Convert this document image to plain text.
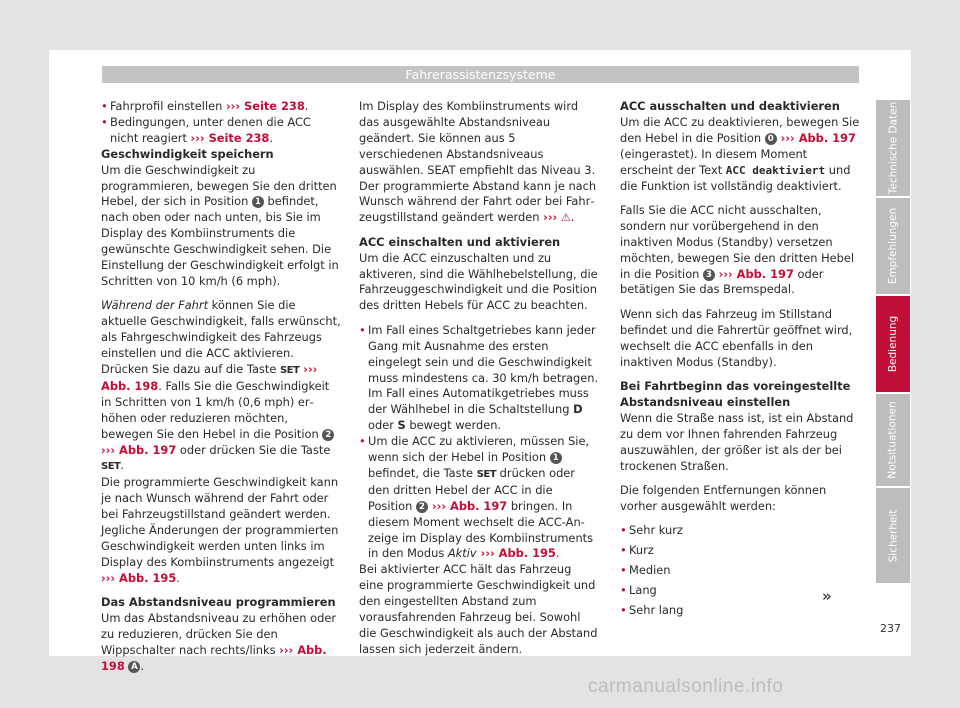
Fahrerassistenzsysteme

• Fahrprofil einstellen ››› Seite 238.

• Bedingungen, unter denen die ACC nicht reagiert ››› Seite 238.

Geschwindigkeit speichern

Um die Geschwindigkeit zu programmieren, bewegen Sie den dritten Hebel, der sich in Position 1 befindet, nach oben oder nach unten, bis Sie im Display des Kombiinstruments die gewünschte Geschwindigkeit sehen. Die Einstellung der Geschwindigkeit erfolgt in Schritten von 10 km/h (6 mph).

Während der Fahrt können Sie die aktuelle Geschwindigkeit, falls erwünscht, als Fahrgeschwindigkeit des Fahrzeugs einstellen und die ACC aktivieren. Drücken Sie dazu auf die Taste SET ››› Abb. 198. Falls Sie die Geschwindigkeit in Schritten von 1 km/h (0,6 mph) erhöhen oder reduzieren möchten, bewegen Sie den Hebel in die Position 2 ››› Abb. 197 oder drücken Sie die Taste SET.

Die programmierte Geschwindigkeit kann je nach Wunsch während der Fahrt oder bei Fahrzeugstillstand geändert werden. Jegliche Änderungen der programmierten Geschwindigkeit werden unten links im Display des Kombiinstruments angezeigt ››› Abb. 195.

Das Abstandsniveau programmieren

Um das Abstandsniveau zu erhöhen oder zu reduzieren, drücken Sie den Wippschalter nach rechts/links ››› Abb. 198 A .

Im Display des Kombiinstruments wird das ausgewählte Abstandsniveau geändert. Sie können aus 5 verschiedenen Abstandsniveaus auswählen. SEAT empfiehlt das Niveau 3. Der programmierte Abstand kann je nach Wunsch während der Fahrt oder bei Fahrzeugstillstand geändert werden ››› ⚠.

ACC einschalten und aktivieren

Um die ACC einzuschalten und zu aktiveren, sind die Wählhebelstellung, die Fahrzeuggeschwindigkeit und die Position des dritten Hebels für ACC zu beachten.

• Im Fall eines Schaltgetriebes kann jeder Gang mit Ausnahme des ersten eingelegt sein und die Geschwindigkeit muss mindestens ca. 30 km/h betragen. Im Fall eines Automatikgetriebes muss der Wählhebel in die Schaltstellung D oder S bewegt werden.

• Um die ACC zu aktivieren, müssen Sie, wenn sich der Hebel in Position 1 befindet, die Taste SET drücken oder den dritten Hebel der ACC in die Position 2 ››› Abb. 197 bringen. In diesem Moment wechselt die ACC-Anzeige im Display des Kombiinstruments in den Modus Aktiv ››› Abb. 195.

Bei aktivierter ACC hält das Fahrzeug eine programmierte Geschwindigkeit und den eingestellten Abstand zum vorausfahrenden Fahrzeug bei. Sowohl die Geschwindigkeit als auch der Abstand lassen sich jederzeit ändern.

ACC ausschalten und deaktivieren

Um die ACC zu deaktivieren, bewegen Sie den Hebel in die Position 0 ››› Abb. 197 (eingerastet). In diesem Moment erscheint der Text ACC deaktiviert und die Funktion ist vollständig deaktiviert.

Falls Sie die ACC nicht ausschalten, sondern nur vorübergehend in den inaktiven Modus (Standby) versetzen möchten, bewegen Sie den dritten Hebel in die Position 3 ››› Abb. 197 oder betätigen Sie das Bremspedal.

Wenn sich das Fahrzeug im Stillstand befindet und die Fahrertür geöffnet wird, wechselt die ACC ebenfalls in den inaktiven Modus (Standby).

Bei Fahrtbeginn das voreingestellte Abstandsniveau einstellen

Wenn die Straße nass ist, ist ein Abstand zu dem vor Ihnen fahrenden Fahrzeug auszuwählen, der größer ist als der bei trockenen Straßen.

Die folgenden Entfernungen können vorher ausgewählt werden:

• Sehr kurz

• Kurz

• Medien

• Lang

• Sehr lang

»
237
Technische Daten
Empfehlungen
Bedienung
Notsituationen
Sicherheit
carmanualsonline.info
